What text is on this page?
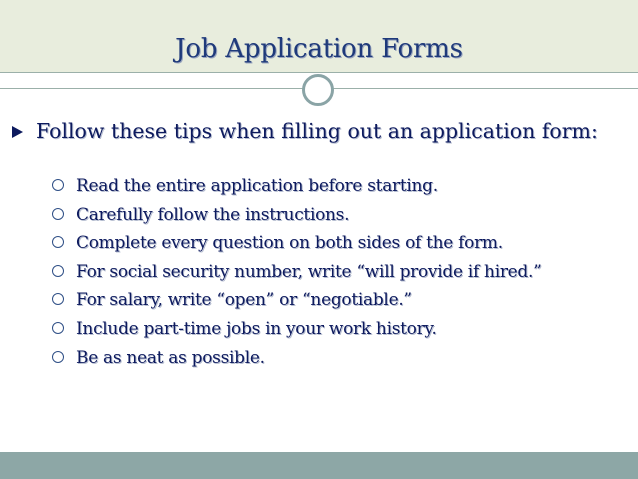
Job Application Forms
Follow these tips when filling out an application form:
Read the entire application before starting.
Carefully follow the instructions.
Complete every question on both sides of the form.
For social security number, write “will provide if hired.”
For salary, write “open” or “negotiable.”
Include part-time jobs in your work history.
Be as neat as possible.
